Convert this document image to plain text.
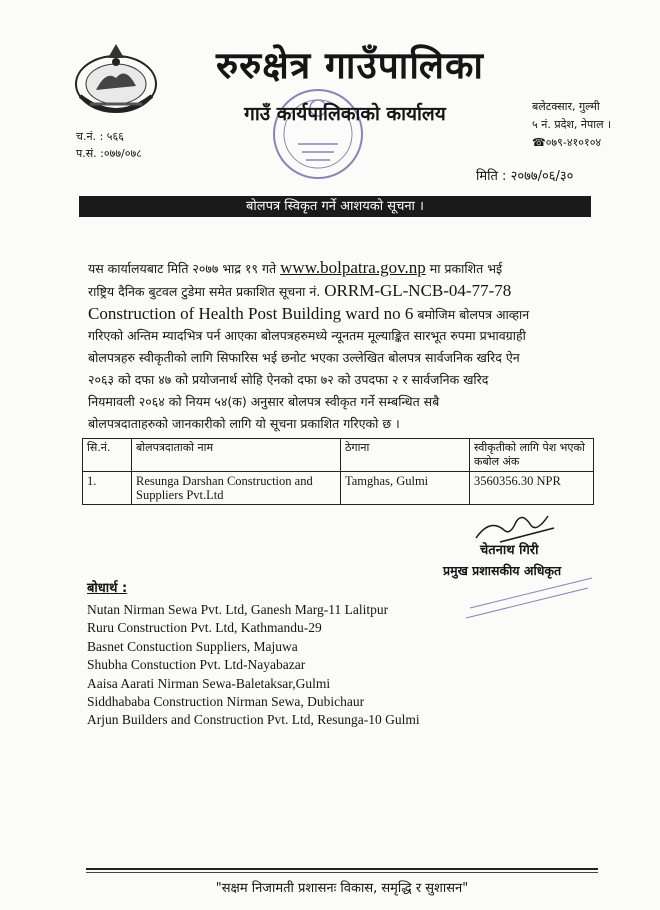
रुरुक्षेत्र गाउँपालिका
गाउँ कार्यपालिकाको कार्यालय	बलेटक्सार, गुल्मी
५ नं. प्रदेश, नेपाल ।
☎०७९-४१०१०४
च.नं. : ५६६
प.सं. :०७७/०७८
मिति : २०७७/०६/३०
बोलपत्र स्विकृत गर्ने आशयको सूचना ।
यस कार्यालयबाट मिति २०७७ भाद्र १९ गते www.bolpatra.gov.np मा प्रकाशित भई
राष्ट्रिय दैनिक बुटवल टुडेमा समेत प्रकाशित सूचना नं. ORRM-GL-NCB-04-77-78
Construction of Health Post Building ward no 6 बमोजिम बोलपत्र आव्हान
गरिएको अन्तिम म्यादभित्र पर्न आएका बोलपत्रहरुमध्ये न्यूनतम मूल्याङ्कित सारभूत रुपमा प्रभावग्राही
बोलपत्रहरु स्वीकृतीको लागि सिफारिस भई छनोट भएका उल्लेखित बोलपत्र सार्वजनिक खरिद ऐन
२०६३ को दफा ४७ को प्रयोजनार्थ सोहि ऐनको दफा ७२ को उपदफा २ र सार्वजनिक खरिद
नियमावली २०६४ को नियम ५४(क) अनुसार बोलपत्र स्वीकृत गर्ने सम्बन्धित सबै
बोलपत्रदाताहरुको जानकारीको लागि यो सूचना प्रकाशित गरिएको छ ।
सि.नं.	बोलपत्रदाताको नाम	ठेगाना	स्वीकृतीको लागि पेश भएको कबोल अंक
1.	Resunga Darshan Construction and Suppliers Pvt.Ltd	Tamghas, Gulmi	3560356.30 NPR
चेतनाथ गिरी
प्रमुख प्रशासकीय अधिकृत
बोधार्थ :
Nutan Nirman Sewa Pvt. Ltd, Ganesh Marg-11 Lalitpur
Ruru Construction Pvt. Ltd, Kathmandu-29
Basnet Constuction Suppliers, Majuwa
Shubha Constuction Pvt. Ltd-Nayabazar
Aaisa Aarati Nirman Sewa-Baletaksar,Gulmi
Siddhababa Construction Nirman Sewa, Dubichaur
Arjun Builders and Construction Pvt. Ltd, Resunga-10 Gulmi
"सक्षम निजामती प्रशासनः विकास, समृद्धि र सुशासन"
